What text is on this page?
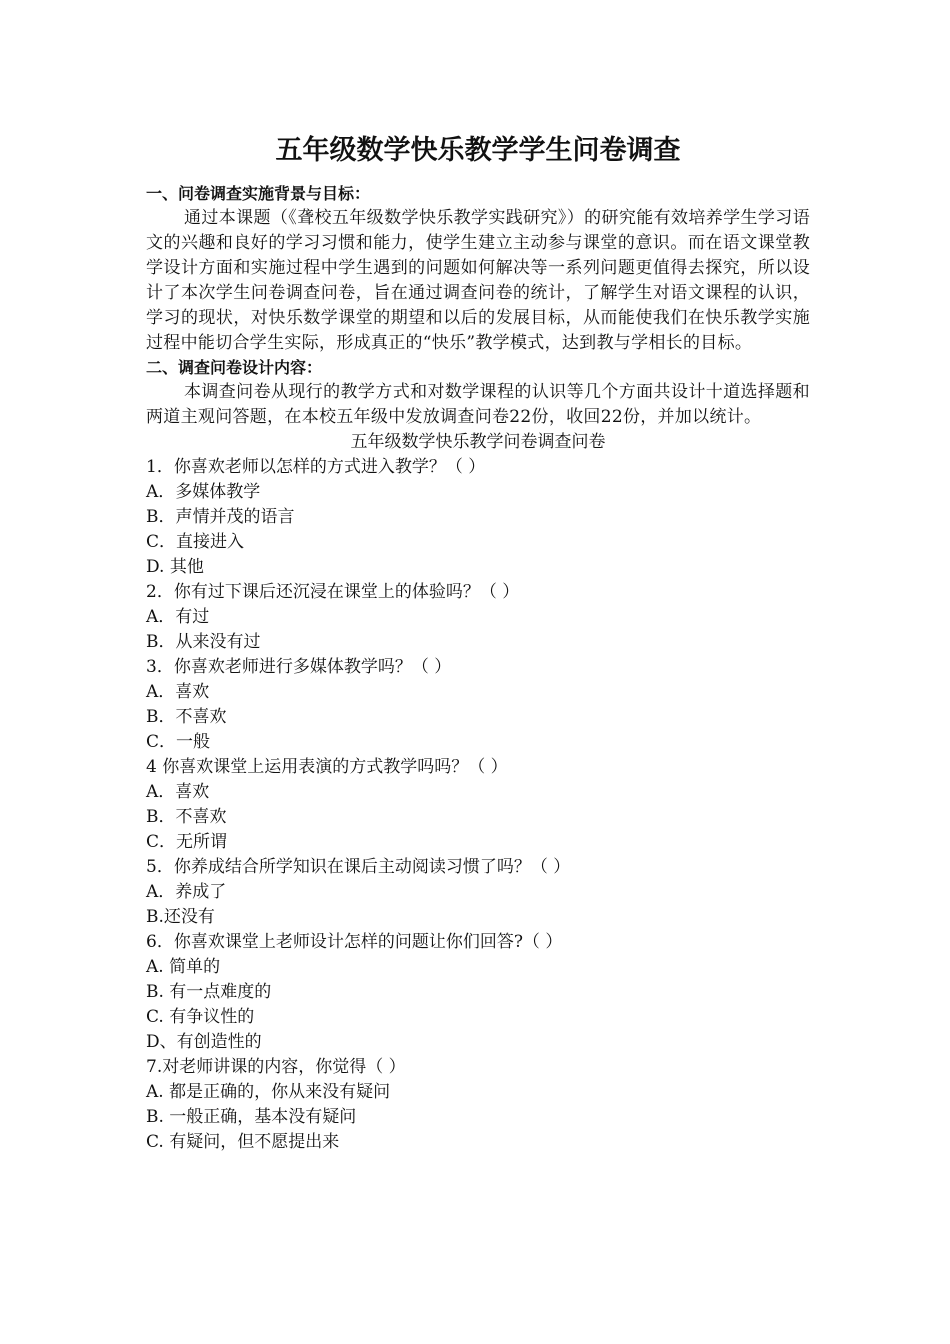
五年级数学快乐教学学生问卷调查

一、问卷调查实施背景与目标：

通过本课题（《聋校五年级数学快乐教学实践研究》）的研究能有效培养学生学习语文的兴趣和良好的学习习惯和能力，使学生建立主动参与课堂的意识。而在语文课堂教学设计方面和实施过程中学生遇到的问题如何解决等一系列问题更值得去探究，所以设计了本次学生问卷调查问卷，旨在通过调查问卷的统计，了解学生对语文课程的认识，学习的现状，对快乐数学课堂的期望和以后的发展目标，从而能使我们在快乐教学实施过程中能切合学生实际，形成真正的“快乐”教学模式，达到教与学相长的目标。

二、调查问卷设计内容：

本调查问卷从现行的教学方式和对数学课程的认识等几个方面共设计十道选择题和两道主观问答题，在本校五年级中发放调查问卷22份，收回22份，并加以统计。

五年级数学快乐教学问卷调查问卷

1．你喜欢老师以怎样的方式进入教学？（ ）

A．多媒体教学

B．声情并茂的语言

C．直接进入

D. 其他

2．你有过下课后还沉浸在课堂上的体验吗？（ ）

A．有过

B．从来没有过

3．你喜欢老师进行多媒体教学吗？（ ）

A．喜欢

B．不喜欢

C．一般

4 你喜欢课堂上运用表演的方式教学吗吗？（ ）

A．喜欢

B．不喜欢

C．无所谓

5．你养成结合所学知识在课后主动阅读习惯了吗？（ ）

A．养成了

B.还没有

6．你喜欢课堂上老师设计怎样的问题让你们回答?（ ）

A. 简单的

B. 有一点难度的

C. 有争议性的

D、有创造性的

7.对老师讲课的内容，你觉得（ ）

A. 都是正确的，你从来没有疑问

B. 一般正确，基本没有疑问

C. 有疑问，但不愿提出来
